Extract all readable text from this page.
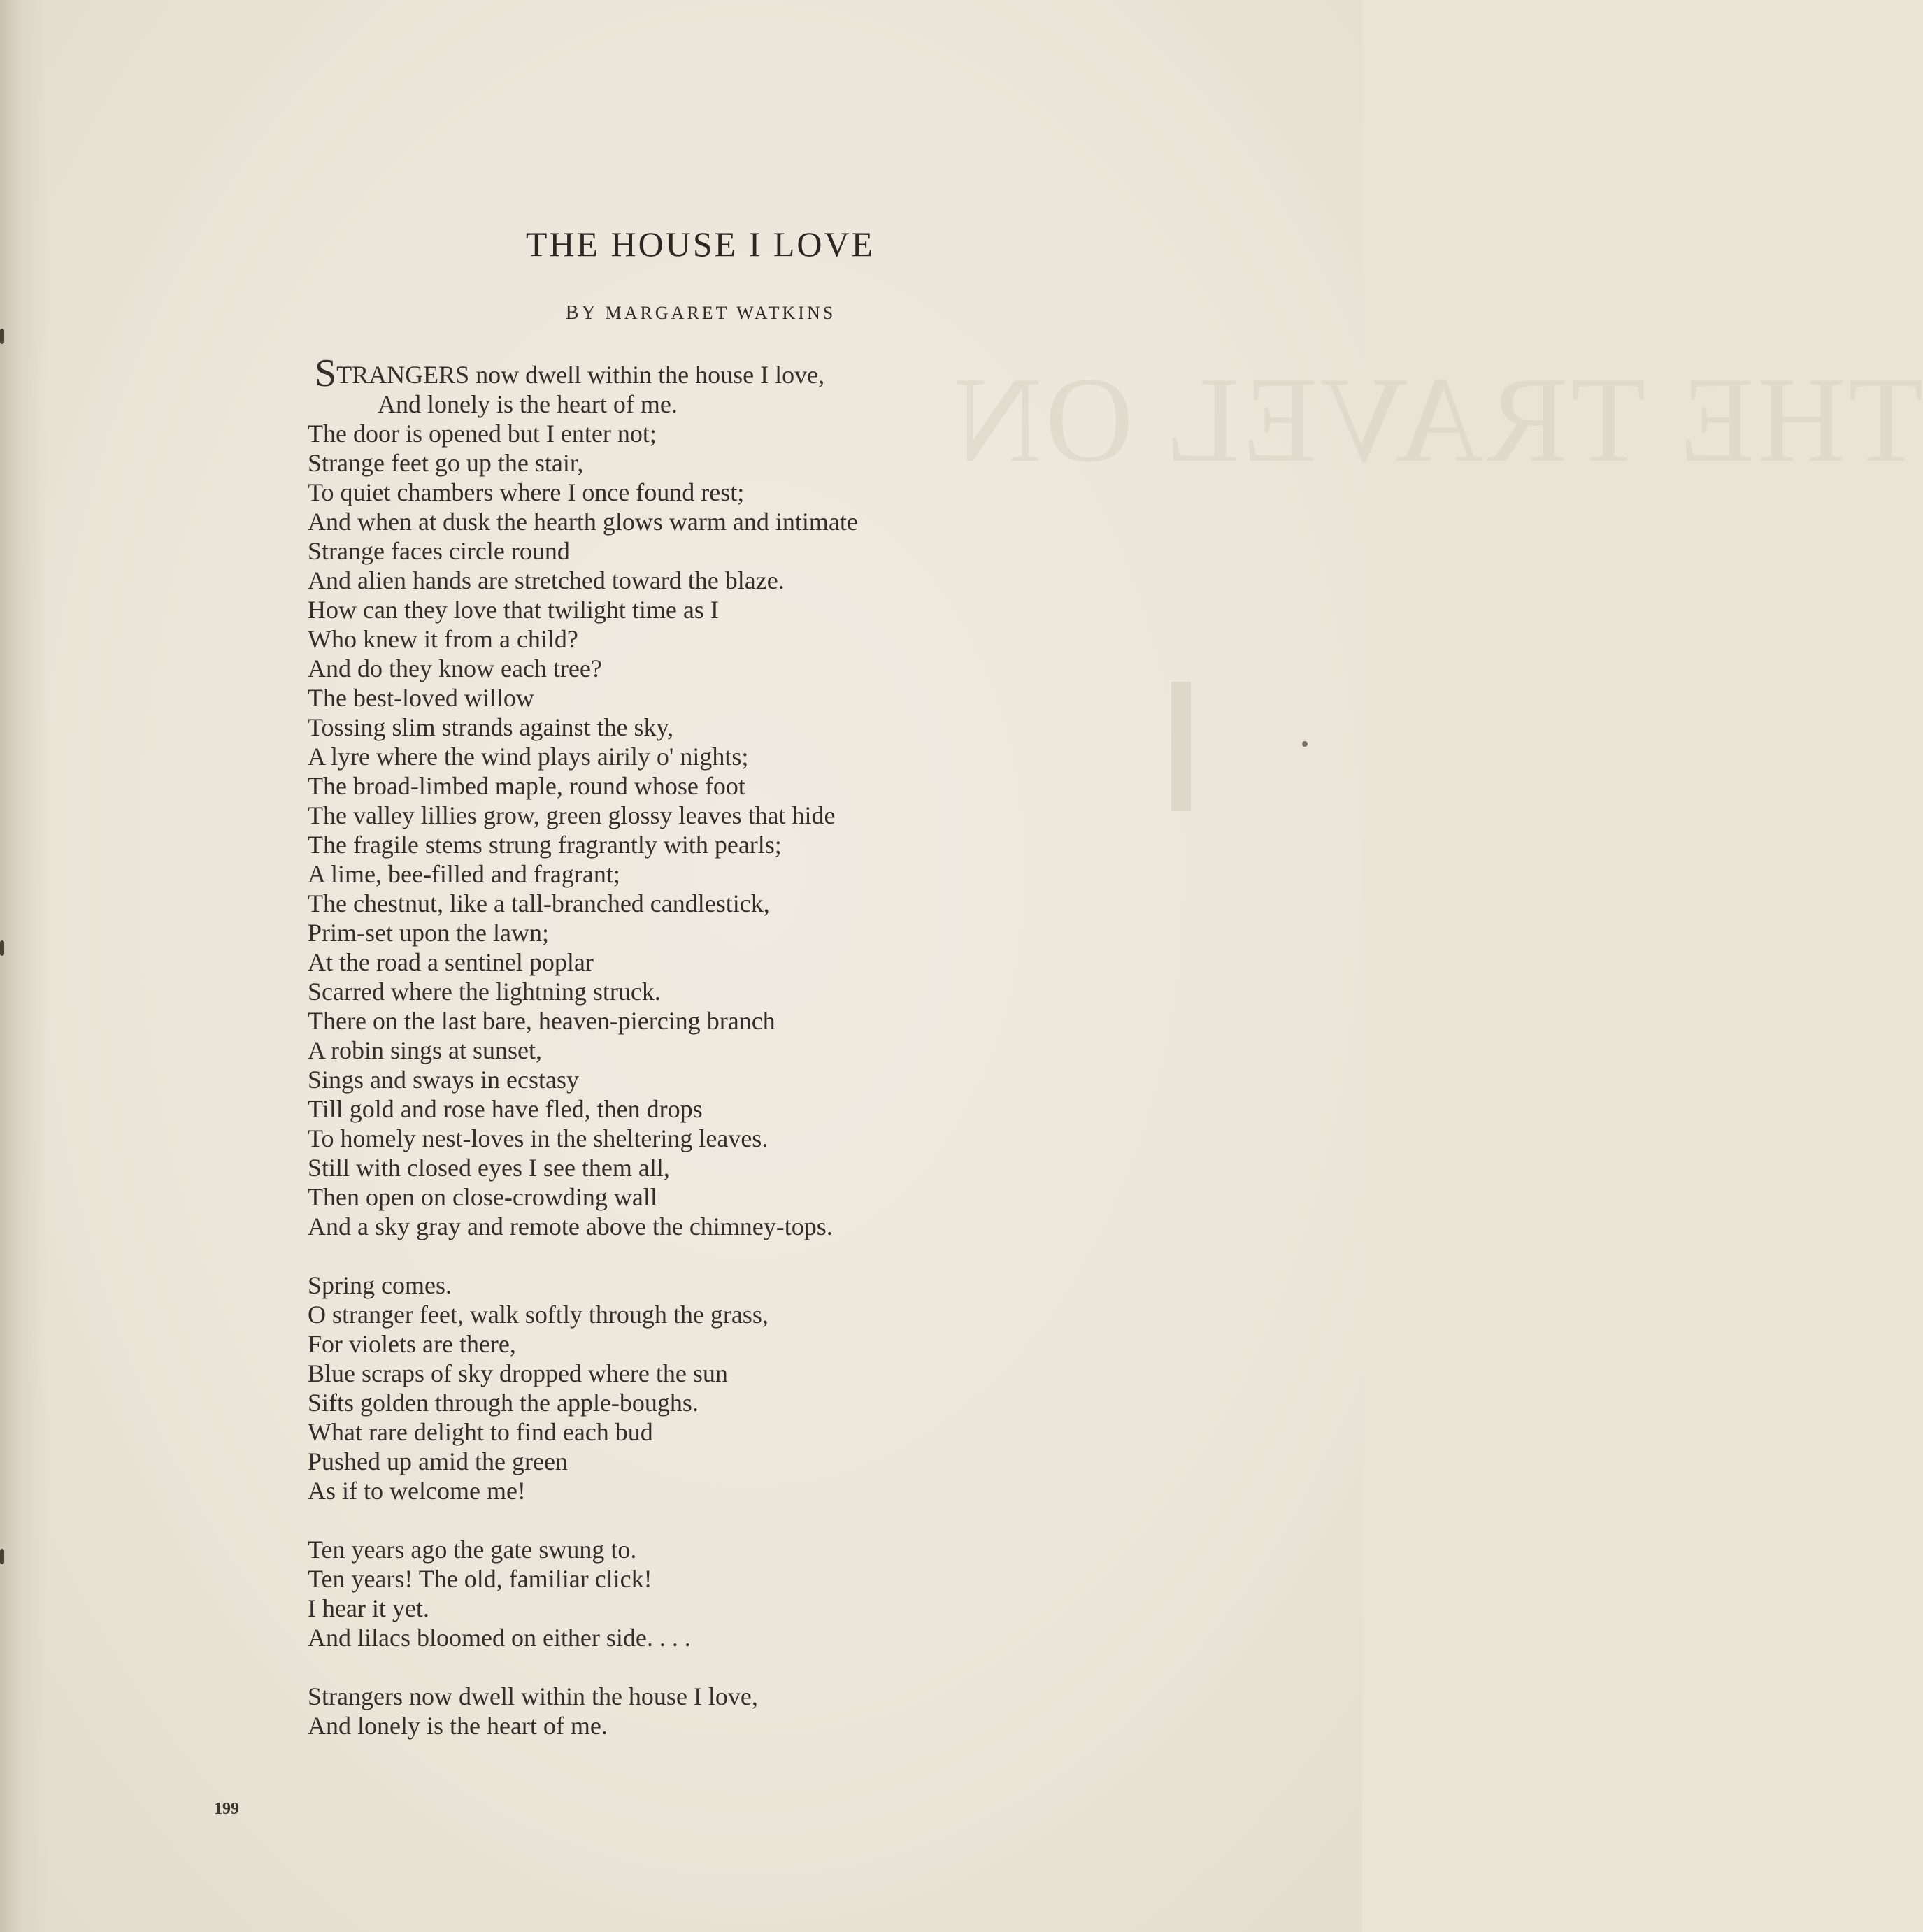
THE TRAVEL ON
THE HOUSE I LOVE
BY MARGARET WATKINS
STRANGERS now dwell within the house I love,
And lonely is the heart of me.
The door is opened but I enter not;
Strange feet go up the stair,
To quiet chambers where I once found rest;
And when at dusk the hearth glows warm and intimate
Strange faces circle round
And alien hands are stretched toward the blaze.
How can they love that twilight time as I
Who knew it from a child?
And do they know each tree?
The best-loved willow
Tossing slim strands against the sky,
A lyre where the wind plays airily o' nights;
The broad-limbed maple, round whose foot
The valley lillies grow, green glossy leaves that hide
The fragile stems strung fragrantly with pearls;
A lime, bee-filled and fragrant;
The chestnut, like a tall-branched candlestick,
Prim-set upon the lawn;
At the road a sentinel poplar
Scarred where the lightning struck.
There on the last bare, heaven-piercing branch
A robin sings at sunset,
Sings and sways in ecstasy
Till gold and rose have fled, then drops
To homely nest-loves in the sheltering leaves.
Still with closed eyes I see them all,
Then open on close-crowding wall
And a sky gray and remote above the chimney-tops.
Spring comes.
O stranger feet, walk softly through the grass,
For violets are there,
Blue scraps of sky dropped where the sun
Sifts golden through the apple-boughs.
What rare delight to find each bud
Pushed up amid the green
As if to welcome me!
Ten years ago the gate swung to.
Ten years! The old, familiar click!
I hear it yet.
And lilacs bloomed on either side. . . .
Strangers now dwell within the house I love,
And lonely is the heart of me.
199
